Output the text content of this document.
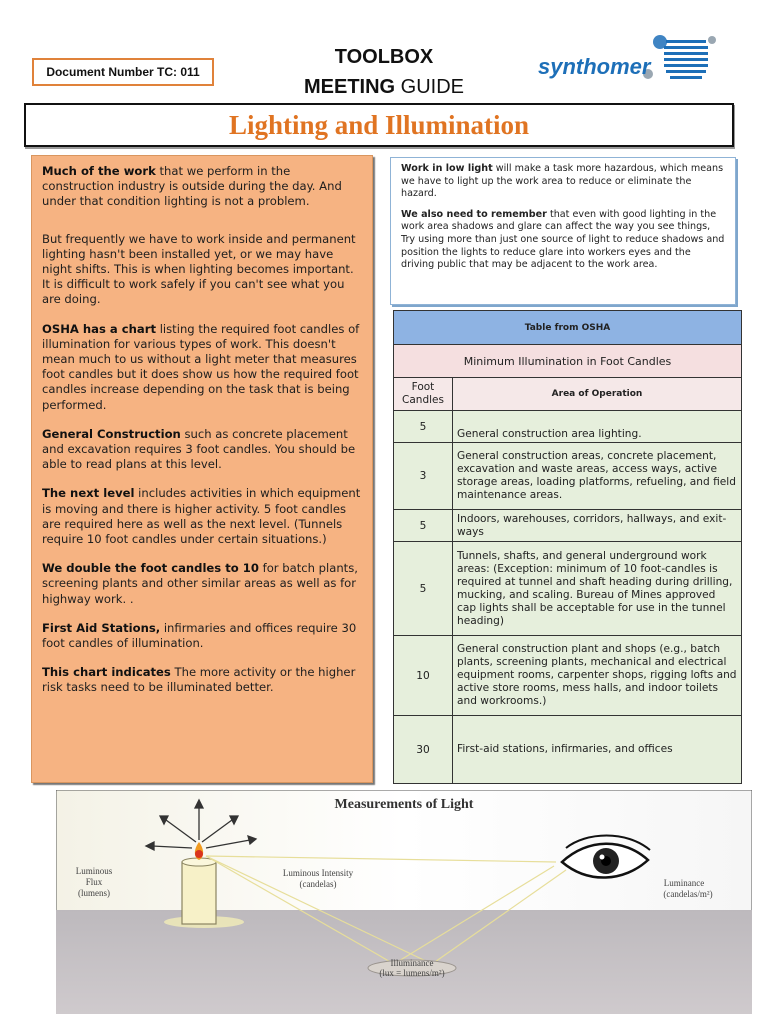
Document Number TC: 011
TOOLBOX
MEETING GUIDE
synthomer
Lighting and Illumination

Much of the work that we perform in the construction industry is outside during the day. And under that condition lighting is not a problem.

But frequently we have to work inside and permanent lighting hasn't been installed yet, or we may have night shifts. This is when lighting becomes important. It is difficult to work safely if you can't see what you are doing.

OSHA has a chart listing the required foot candles of illumination for various types of work. This doesn't mean much to us without a light meter that measures foot candles but it does show us how the required foot candles increase depending on the task that is being performed.

General Construction such as concrete placement and excavation requires 3 foot candles. You should be able to read plans at this level.

The next level includes activities in which equipment is moving and there is higher activity. 5 foot candles are required here as well as the next level. (Tunnels require 10 foot candles under certain situations.)

We double the foot candles to 10 for batch plants, screening plants and other similar areas as well as for highway work. .

First Aid Stations, infirmaries and offices require 30 foot candles of illumination.

This chart indicates The more activity or the higher risk tasks need to be illuminated better.

Work in low light will make a task more hazardous, which means we have to light up the work area to reduce or eliminate the hazard.

We also need to remember that even with good lighting in the work area shadows and glare can affect the way you see things, Try using more than just one source of light to reduce shadows and position the lights to reduce glare into workers eyes and the driving public that may be adjacent to the work area.

Table from OSHA	
Minimum Illumination in Foot Candles	
Foot Candles	Area of Operation
5	General construction area lighting.
3	General construction areas, concrete placement, excavation and waste areas, access ways, active storage areas, loading platforms, refueling, and field maintenance areas.
5	Indoors, warehouses, corridors, hallways, and exit-ways
5	Tunnels, shafts, and general underground work areas: (Exception: minimum of 10 foot-candles is required at tunnel and shaft heading during drilling, mucking, and scaling. Bureau of Mines approved cap lights shall be acceptable for use in the tunnel heading)
10	General construction plant and shops (e.g., batch plants, screening plants, mechanical and electrical equipment rooms, carpenter shops, rigging lofts and active store rooms, mess halls, and indoor toilets and workrooms.)
30	First-aid stations, infirmaries, and offices
Measurements of Light
Luminous
Flux
(lumens)
Luminous Intensity
(candelas)	Luminance
(candelas/m²)
Illuminance
(lux = lumens/m²)
